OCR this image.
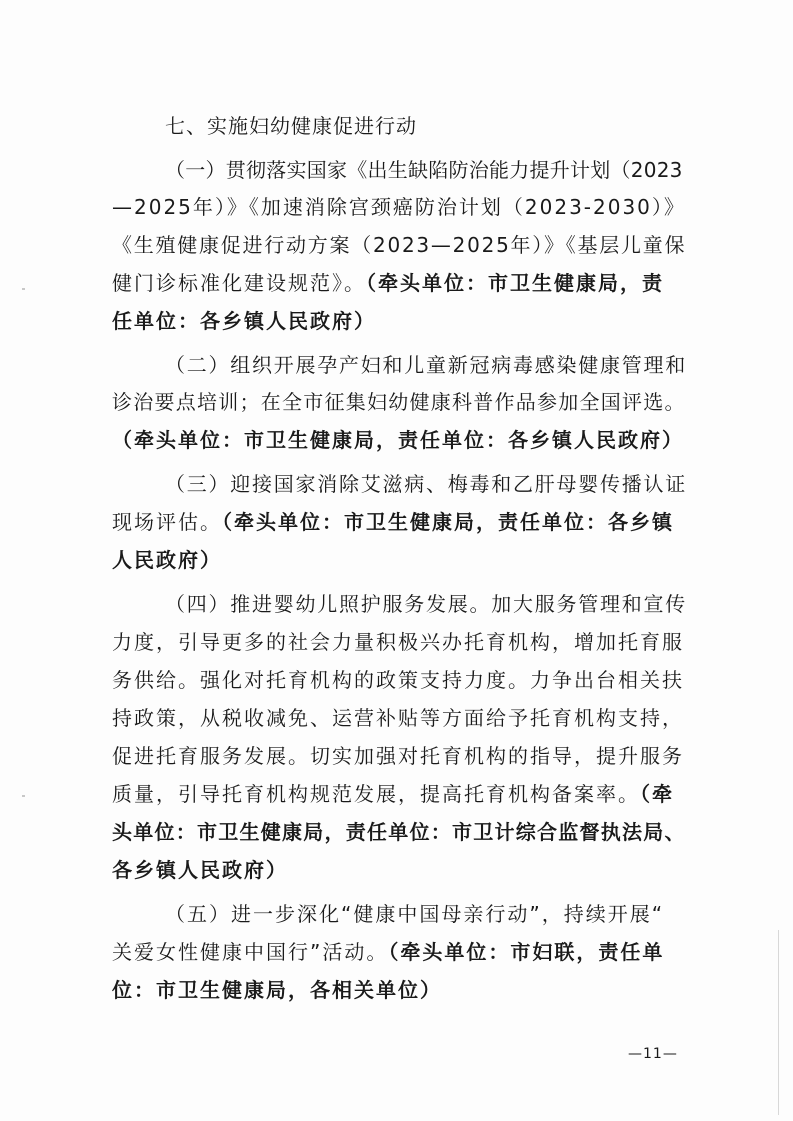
七、实施妇幼健康促进行动
（一）贯彻落实国家《出生缺陷防治能力提升计划（2023
—2025年）》《加速消除宫颈癌防治计划（2023-2030）》
《生殖健康促进行动方案（2023—2025年）》《基层儿童保
健门诊标准化建设规范》。（牵头单位：市卫生健康局，责
任单位：各乡镇人民政府）
（二）组织开展孕产妇和儿童新冠病毒感染健康管理和
诊治要点培训；在全市征集妇幼健康科普作品参加全国评选。
（牵头单位：市卫生健康局，责任单位：各乡镇人民政府）
（三）迎接国家消除艾滋病、梅毒和乙肝母婴传播认证
现场评估。（牵头单位：市卫生健康局，责任单位：各乡镇
人民政府）
（四）推进婴幼儿照护服务发展。加大服务管理和宣传
力度，引导更多的社会力量积极兴办托育机构，增加托育服
务供给。强化对托育机构的政策支持力度。力争出台相关扶
持政策，从税收减免、运营补贴等方面给予托育机构支持，
促进托育服务发展。切实加强对托育机构的指导，提升服务
质量，引导托育机构规范发展，提高托育机构备案率。（牵
头单位：市卫生健康局，责任单位：市卫计综合监督执法局、
各乡镇人民政府）
（五）进一步深化“健康中国母亲行动”，持续开展“
关爱女性健康中国行”活动。（牵头单位：市妇联，责任单
位：市卫生健康局，各相关单位）
—11—
